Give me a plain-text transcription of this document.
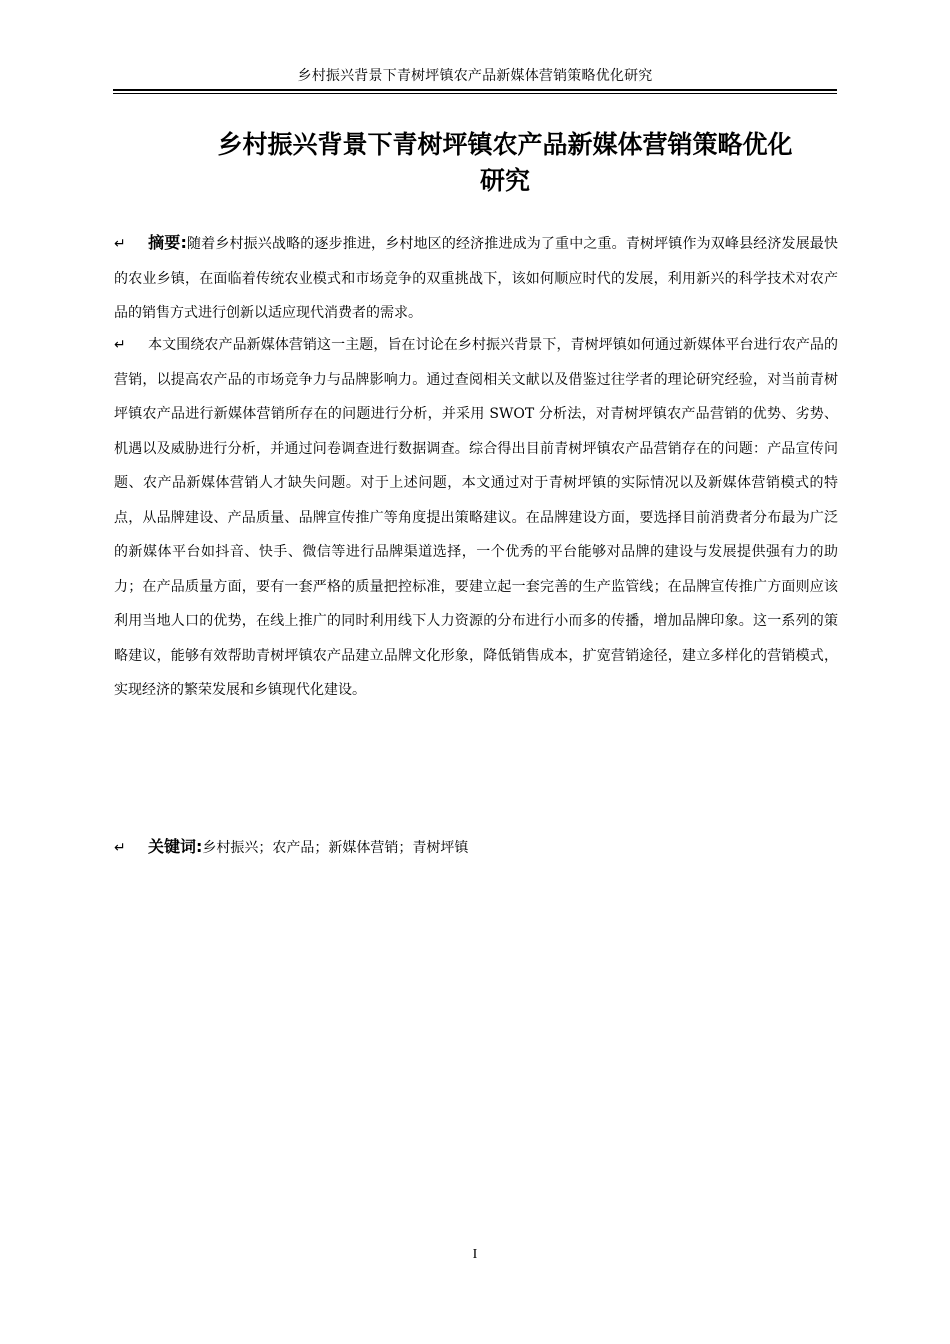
乡村振兴背景下青树坪镇农产品新媒体营销策略优化研究
乡村振兴背景下青树坪镇农产品新媒体营销策略优化
研究

↵ 摘要:随着乡村振兴战略的逐步推进，乡村地区的经济推进成为了重中之重。青树坪镇作为双峰县经济发展最快的农业乡镇，在面临着传统农业模式和市场竞争的双重挑战下，该如何顺应时代的发展，利用新兴的科学技术对农产品的销售方式进行创新以适应现代消费者的需求。

↵ 本文围绕农产品新媒体营销这一主题，旨在讨论在乡村振兴背景下，青树坪镇如何通过新媒体平台进行农产品的营销，以提高农产品的市场竞争力与品牌影响力。通过查阅相关文献以及借鉴过往学者的理论研究经验，对当前青树坪镇农产品进行新媒体营销所存在的问题进行分析，并采用 SWOT 分析法，对青树坪镇农产品营销的优势、劣势、机遇以及威胁进行分析，并通过问卷调查进行数据调查。综合得出目前青树坪镇农产品营销存在的问题：产品宣传问题、农产品新媒体营销人才缺失问题。对于上述问题，本文通过对于青树坪镇的实际情况以及新媒体营销模式的特点，从品牌建设、产品质量、品牌宣传推广等角度提出策略建议。在品牌建设方面，要选择目前消费者分布最为广泛的新媒体平台如抖音、快手、微信等进行品牌渠道选择，一个优秀的平台能够对品牌的建设与发展提供强有力的助力；在产品质量方面，要有一套严格的质量把控标准，要建立起一套完善的生产监管线；在品牌宣传推广方面则应该利用当地人口的优势，在线上推广的同时利用线下人力资源的分布进行小而多的传播，增加品牌印象。这一系列的策略建议，能够有效帮助青树坪镇农产品建立品牌文化形象，降低销售成本，扩宽营销途径，建立多样化的营销模式，实现经济的繁荣发展和乡镇现代化建设。

↵ 关键词:乡村振兴；农产品；新媒体营销；青树坪镇

I
